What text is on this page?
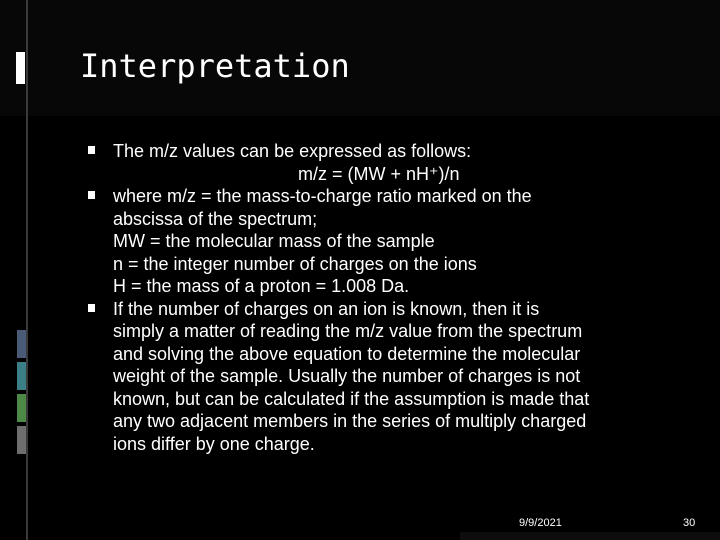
Interpretation
The m/z values can be expressed as follows:
m/z = (MW + nH⁺)/n
where m/z = the mass-to-charge ratio marked on the
abscissa of the spectrum;
MW = the molecular mass of the sample
n = the integer number of charges on the ions
H = the mass of a proton = 1.008 Da.
If the number of charges on an ion is known, then it is
simply a matter of reading the m/z value from the spectrum
and solving the above equation to determine the molecular
weight of the sample. Usually the number of charges is not
known, but can be calculated if the assumption is made that
any two adjacent members in the series of multiply charged
ions differ by one charge.
9/9/2021	30
